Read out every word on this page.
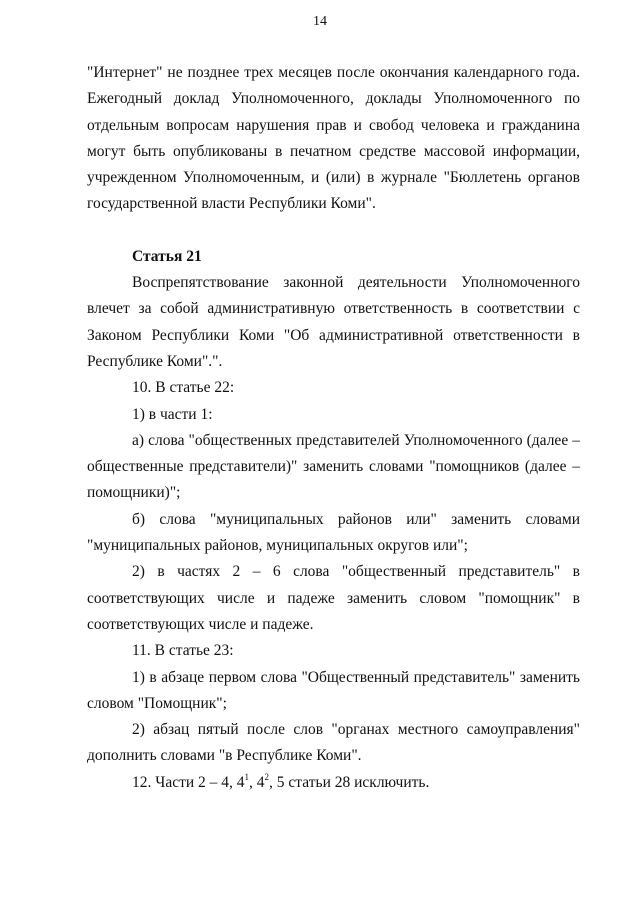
14

"Интернет" не позднее трех месяцев после окончания календарного года. Ежегодный доклад Уполномоченного, доклады Уполномоченного по отдельным вопросам нарушения прав и свобод человека и гражданина могут быть опубликованы в печатном средстве массовой информации, учрежденном Уполномоченным, и (или) в журнале "Бюллетень органов государственной власти Республики Коми".

Статья 21

Воспрепятствование законной деятельности Уполномоченного влечет за собой административную ответственность в соответствии с Законом Республики Коми "Об административной ответственности в Республике Коми".".

10. В статье 22:

1) в части 1:

а) слова "общественных представителей Уполномоченного (далее – общественные представители)" заменить словами "помощников (далее – помощники)";

б) слова "муниципальных районов или" заменить словами "муниципальных районов, муниципальных округов или";

2) в частях 2 – 6 слова "общественный представитель" в соответствующих числе и падеже заменить словом "помощник" в соответствующих числе и падеже.

11. В статье 23:

1) в абзаце первом слова "Общественный представитель" заменить словом "Помощник";

2) абзац пятый после слов "органах местного самоуправления" дополнить словами "в Республике Коми".

12. Части 2 – 4, $4^1$, $4^2$, 5 статьи 28 исключить.
